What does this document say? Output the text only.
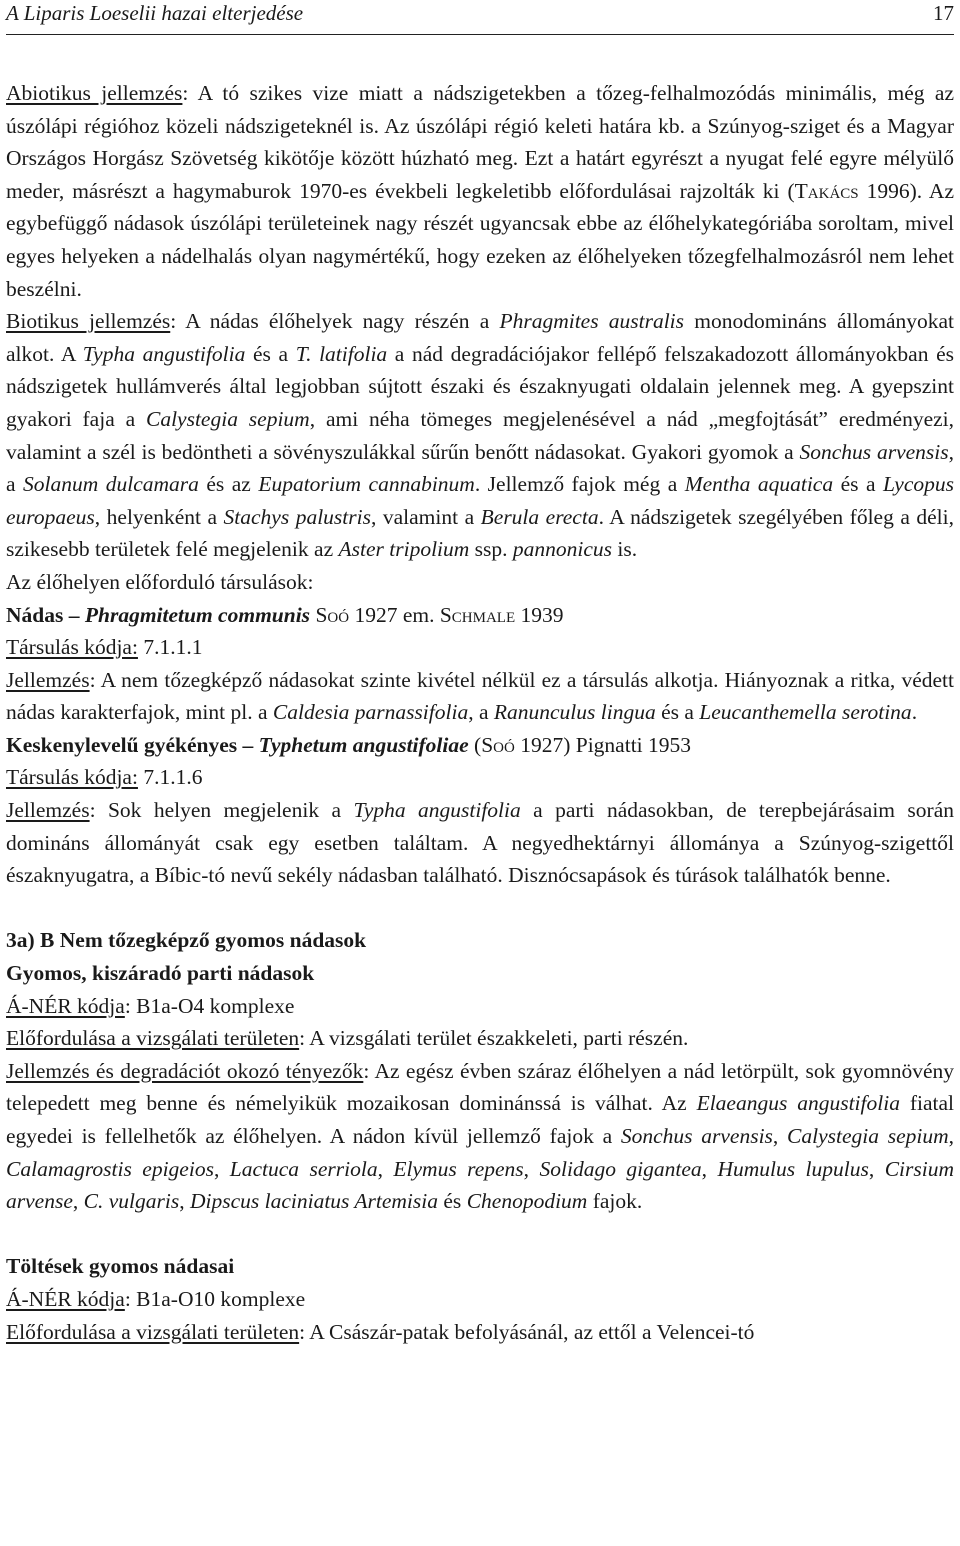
A Liparis Loeselii hazai elterjedése	17

Abiotikus jellemzés: A tó szikes vize miatt a nádszigetekben a tőzeg-felhalmozódás minimális, még az úszólápi régióhoz közeli nádszigeteknél is. Az úszólápi régió keleti határa kb. a Szúnyog-sziget és a Magyar Országos Horgász Szövetség kikötője között húzható meg. Ezt a határt egyrészt a nyugat felé egyre mélyülő meder, másrészt a hagymaburok 1970-es évekbeli legkeletibb előfordulásai rajzolták ki (Takács 1996). Az egybefüggő nádasok úszólápi területeinek nagy részét ugyancsak ebbe az élőhelykategóriába soroltam, mivel egyes helyeken a nádelhalás olyan nagymértékű, hogy ezeken az élőhelyeken tőzegfelhalmozásról nem lehet beszélni.

Biotikus jellemzés: A nádas élőhelyek nagy részén a Phragmites australis monodomináns állományokat alkot. A Typha angustifolia és a T. latifolia a nád degradációjakor fellépő felszakadozott állományokban és nádszigetek hullámverés által legjobban sújtott északi és északnyugati oldalain jelennek meg. A gyepszint gyakori faja a Calystegia sepium, ami néha tömeges megjelenésével a nád „megfojtását” eredményezi, valamint a szél is bedöntheti a sövényszulákkal sűrűn benőtt nádasokat. Gyakori gyomok a Sonchus arvensis, a Solanum dulcamara és az Eupatorium cannabinum. Jellemző fajok még a Mentha aquatica és a Lycopus europaeus, helyenként a Stachys palustris, valamint a Berula erecta. A nádszigetek szegélyében főleg a déli, szikesebb területek felé megjelenik az Aster tripolium ssp. pannonicus is.

Az élőhelyen előforduló társulások:

Nádas – Phragmitetum communis Soó 1927 em. Schmale 1939

Társulás kódja: 7.1.1.1

Jellemzés: A nem tőzegképző nádasokat szinte kivétel nélkül ez a társulás alkotja. Hiányoznak a ritka, védett nádas karakterfajok, mint pl. a Caldesia parnassifolia, a Ranunculus lingua és a Leucanthemella serotina.

Keskenylevelű gyékényes – Typhetum angustifoliae (Soó 1927) Pignatti 1953

Társulás kódja: 7.1.1.6

Jellemzés: Sok helyen megjelenik a Typha angustifolia a parti nádasokban, de terepbejárásaim során domináns állományát csak egy esetben találtam. A negyedhektárnyi állománya a Szúnyog-szigettől északnyugatra, a Bíbic-tó nevű sekély nádasban található. Disznócsapások és túrások találhatók benne.

3a) B Nem tőzegképző gyomos nádasok

Gyomos, kiszáradó parti nádasok

Á-NÉR kódja: B1a-O4 komplexe

Előfordulása a vizsgálati területen: A vizsgálati terület északkeleti, parti részén.

Jellemzés és degradációt okozó tényezők: Az egész évben száraz élőhelyen a nád letörpült, sok gyomnövény telepedett meg benne és némelyikük mozaikosan dominánssá is válhat. Az Elaeangus angustifolia fiatal egyedei is fellelhetők az élőhelyen. A nádon kívül jellemző fajok a Sonchus arvensis, Calystegia sepium, Calamagrostis epigeios, Lactuca serriola, Elymus repens, Solidago gigantea, Humulus lupulus, Cirsium arvense, C. vulgaris, Dipscus laciniatus Artemisia és Chenopodium fajok.

Töltések gyomos nádasai

Á-NÉR kódja: B1a-O10 komplexe

Előfordulása a vizsgálati területen: A Császár-patak befolyásánál, az ettől a Velencei-tó
